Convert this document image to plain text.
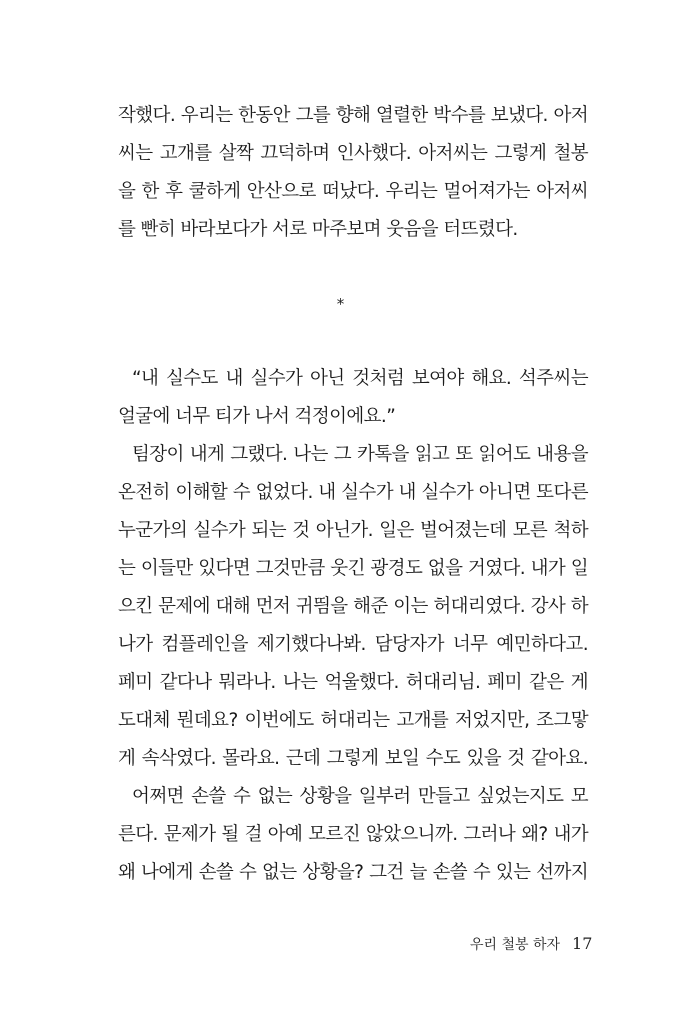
작했다. 우리는 한동안 그를 향해 열렬한 박수를 보냈다. 아저
씨는 고개를 살짝 끄덕하며 인사했다. 아저씨는 그렇게 철봉
을 한 후 쿨하게 안산으로 떠났다. 우리는 멀어져가는 아저씨
를 빤히 바라보다가 서로 마주보며 웃음을 터뜨렸다.
*
“내 실수도 내 실수가 아닌 것처럼 보여야 해요. 석주씨는
얼굴에 너무 티가 나서 걱정이에요.”
팀장이 내게 그랬다. 나는 그 카톡을 읽고 또 읽어도 내용을
온전히 이해할 수 없었다. 내 실수가 내 실수가 아니면 또다른
누군가의 실수가 되는 것 아닌가. 일은 벌어졌는데 모른 척하
는 이들만 있다면 그것만큼 웃긴 광경도 없을 거였다. 내가 일
으킨 문제에 대해 먼저 귀띔을 해준 이는 허대리였다. 강사 하
나가 컴플레인을 제기했다나봐. 담당자가 너무 예민하다고.
페미 같다나 뭐라나. 나는 억울했다. 허대리님. 페미 같은 게
도대체 뭔데요? 이번에도 허대리는 고개를 저었지만, 조그맣
게 속삭였다. 몰라요. 근데 그렇게 보일 수도 있을 것 같아요.
어쩌면 손쓸 수 없는 상황을 일부러 만들고 싶었는지도 모
른다. 문제가 될 걸 아예 모르진 않았으니까. 그러나 왜? 내가
왜 나에게 손쓸 수 없는 상황을? 그건 늘 손쓸 수 있는 선까지
우리 철봉 하자 17
